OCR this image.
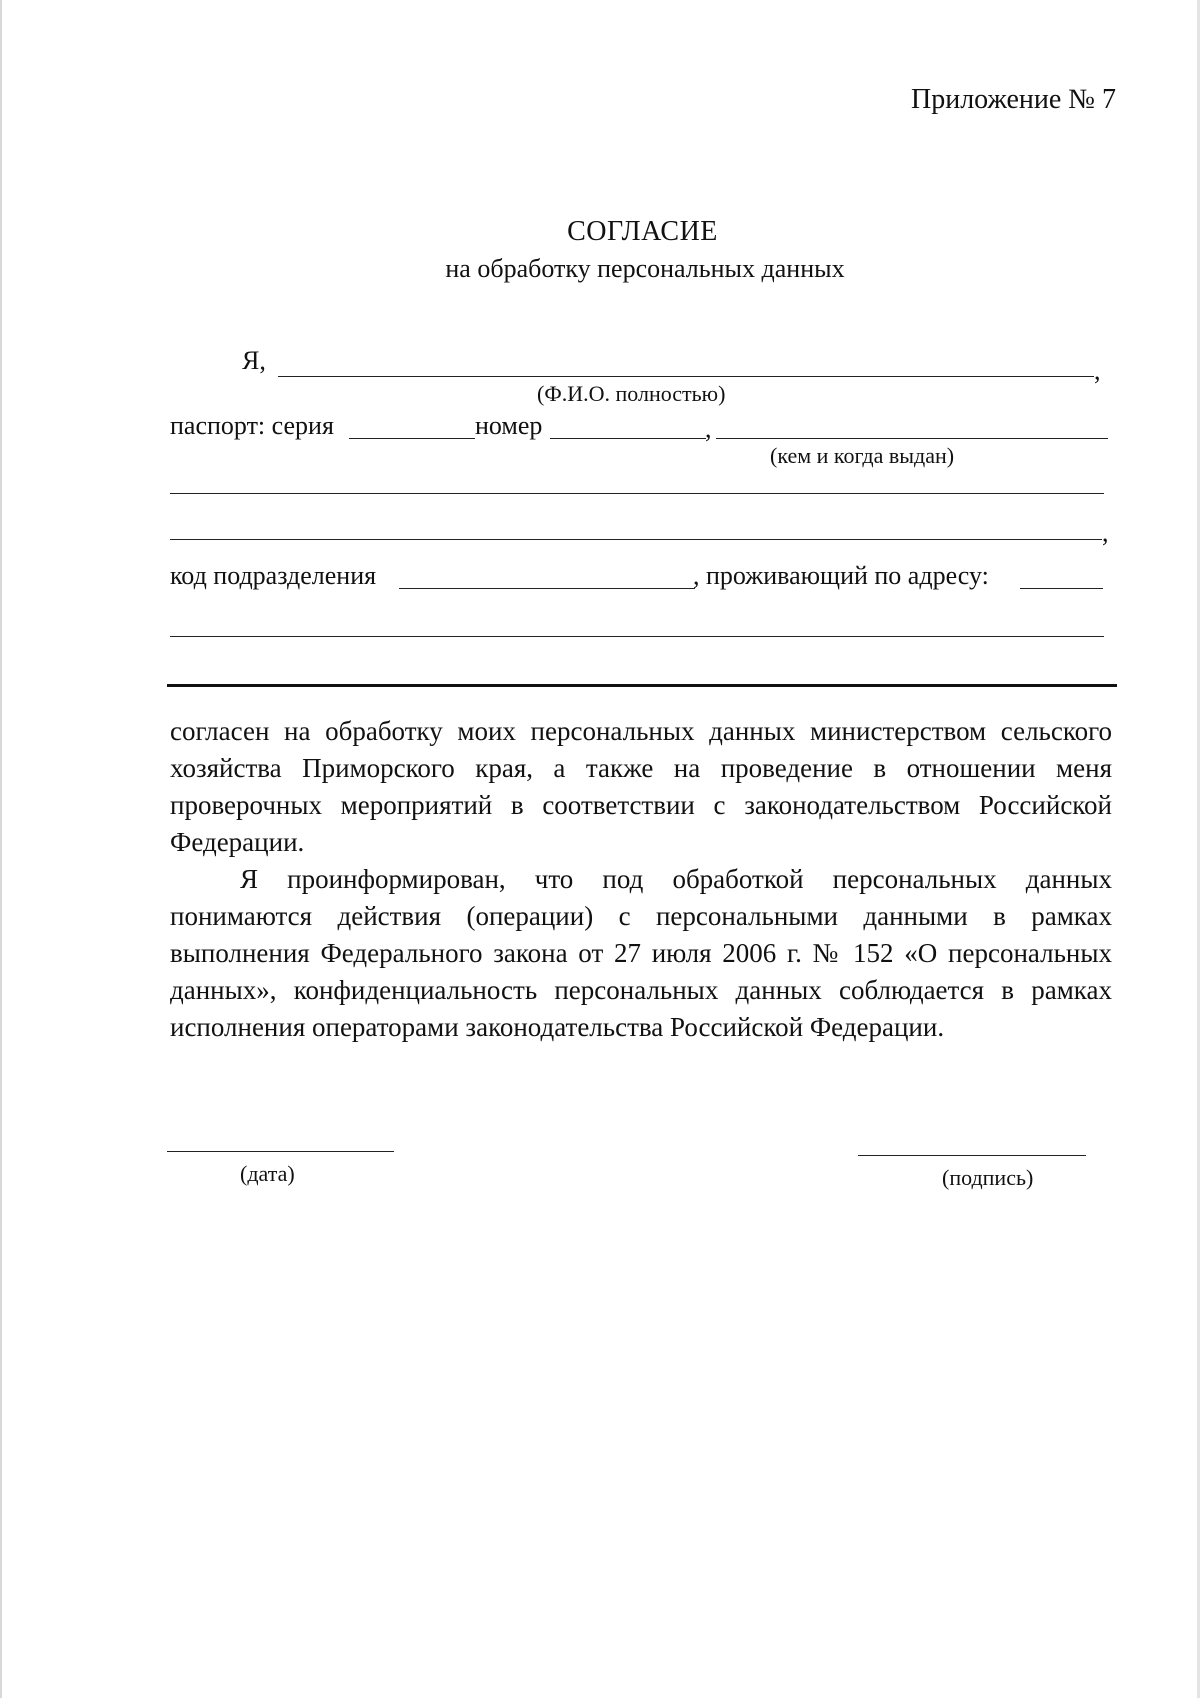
Приложение № 7
СОГЛАСИЕ
на обработку персональных данных
Я,	,
(Ф.И.О. полностью)
паспорт: серия	номер	,
(кем и когда выдан)
,
код подразделения	, проживающий по адресу:
согласен на обработку моих персональных данных министерством сельского
хозяйства Приморского края, а также на проведение в отношении меня
проверочных мероприятий в соответствии с законодательством Российской
Федерации.
Я проинформирован, что под обработкой персональных данных
понимаются действия (операции) с персональными данными в рамках
выполнения Федерального закона от 27 июля 2006 г. № 152 «О персональных
данных», конфиденциальность персональных данных соблюдается в рамках
исполнения операторами законодательства Российской Федерации.
(дата)	(подпись)
